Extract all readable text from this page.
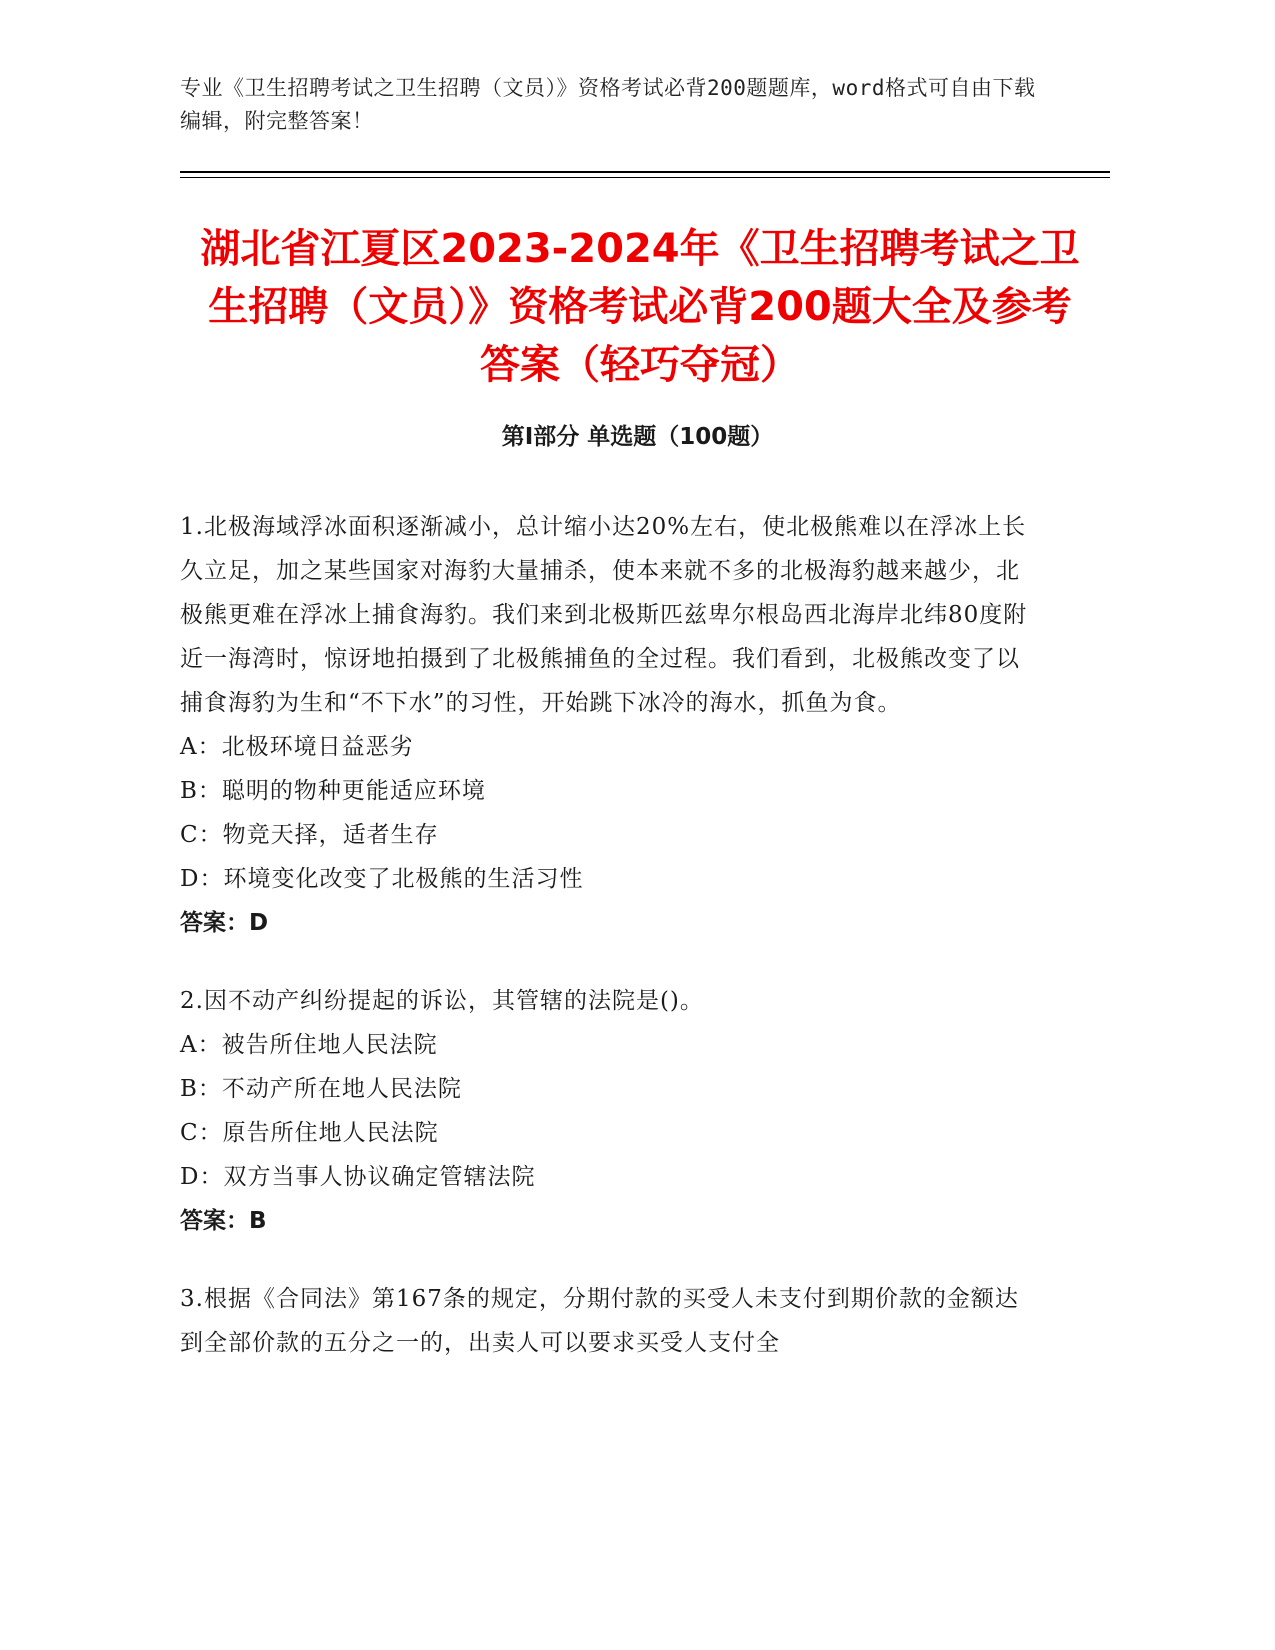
专业《卫生招聘考试之卫生招聘（文员）》资格考试必背200题题库，word格式可自由下载编辑，附完整答案！
湖北省江夏区2023-2024年《卫生招聘考试之卫生招聘（文员）》资格考试必背200题大全及参考答案（轻巧夺冠）
第Ⅰ部分 单选题（100题）
1.北极海域浮冰面积逐渐减小，总计缩小达20%左右，使北极熊难以在浮冰上长久立足，加之某些国家对海豹大量捕杀，使本来就不多的北极海豹越来越少，北极熊更难在浮冰上捕食海豹。我们来到北极斯匹兹卑尔根岛西北海岸北纬80度附近一海湾时，惊讶地拍摄到了北极熊捕鱼的全过程。我们看到，北极熊改变了以捕食海豹为生和“不下水”的习性，开始跳下冰冷的海水，抓鱼为食。
A：北极环境日益恶劣
B：聪明的物种更能适应环境
C：物竞天择，适者生存
D：环境变化改变了北极熊的生活习性
答案：D
2.因不动产纠纷提起的诉讼，其管辖的法院是()。
A：被告所住地人民法院
B：不动产所在地人民法院
C：原告所住地人民法院
D：双方当事人协议确定管辖法院
答案：B
3.根据《合同法》第167条的规定，分期付款的买受人未支付到期价款的金额达到全部价款的五分之一的，出卖人可以要求买受人支付全
